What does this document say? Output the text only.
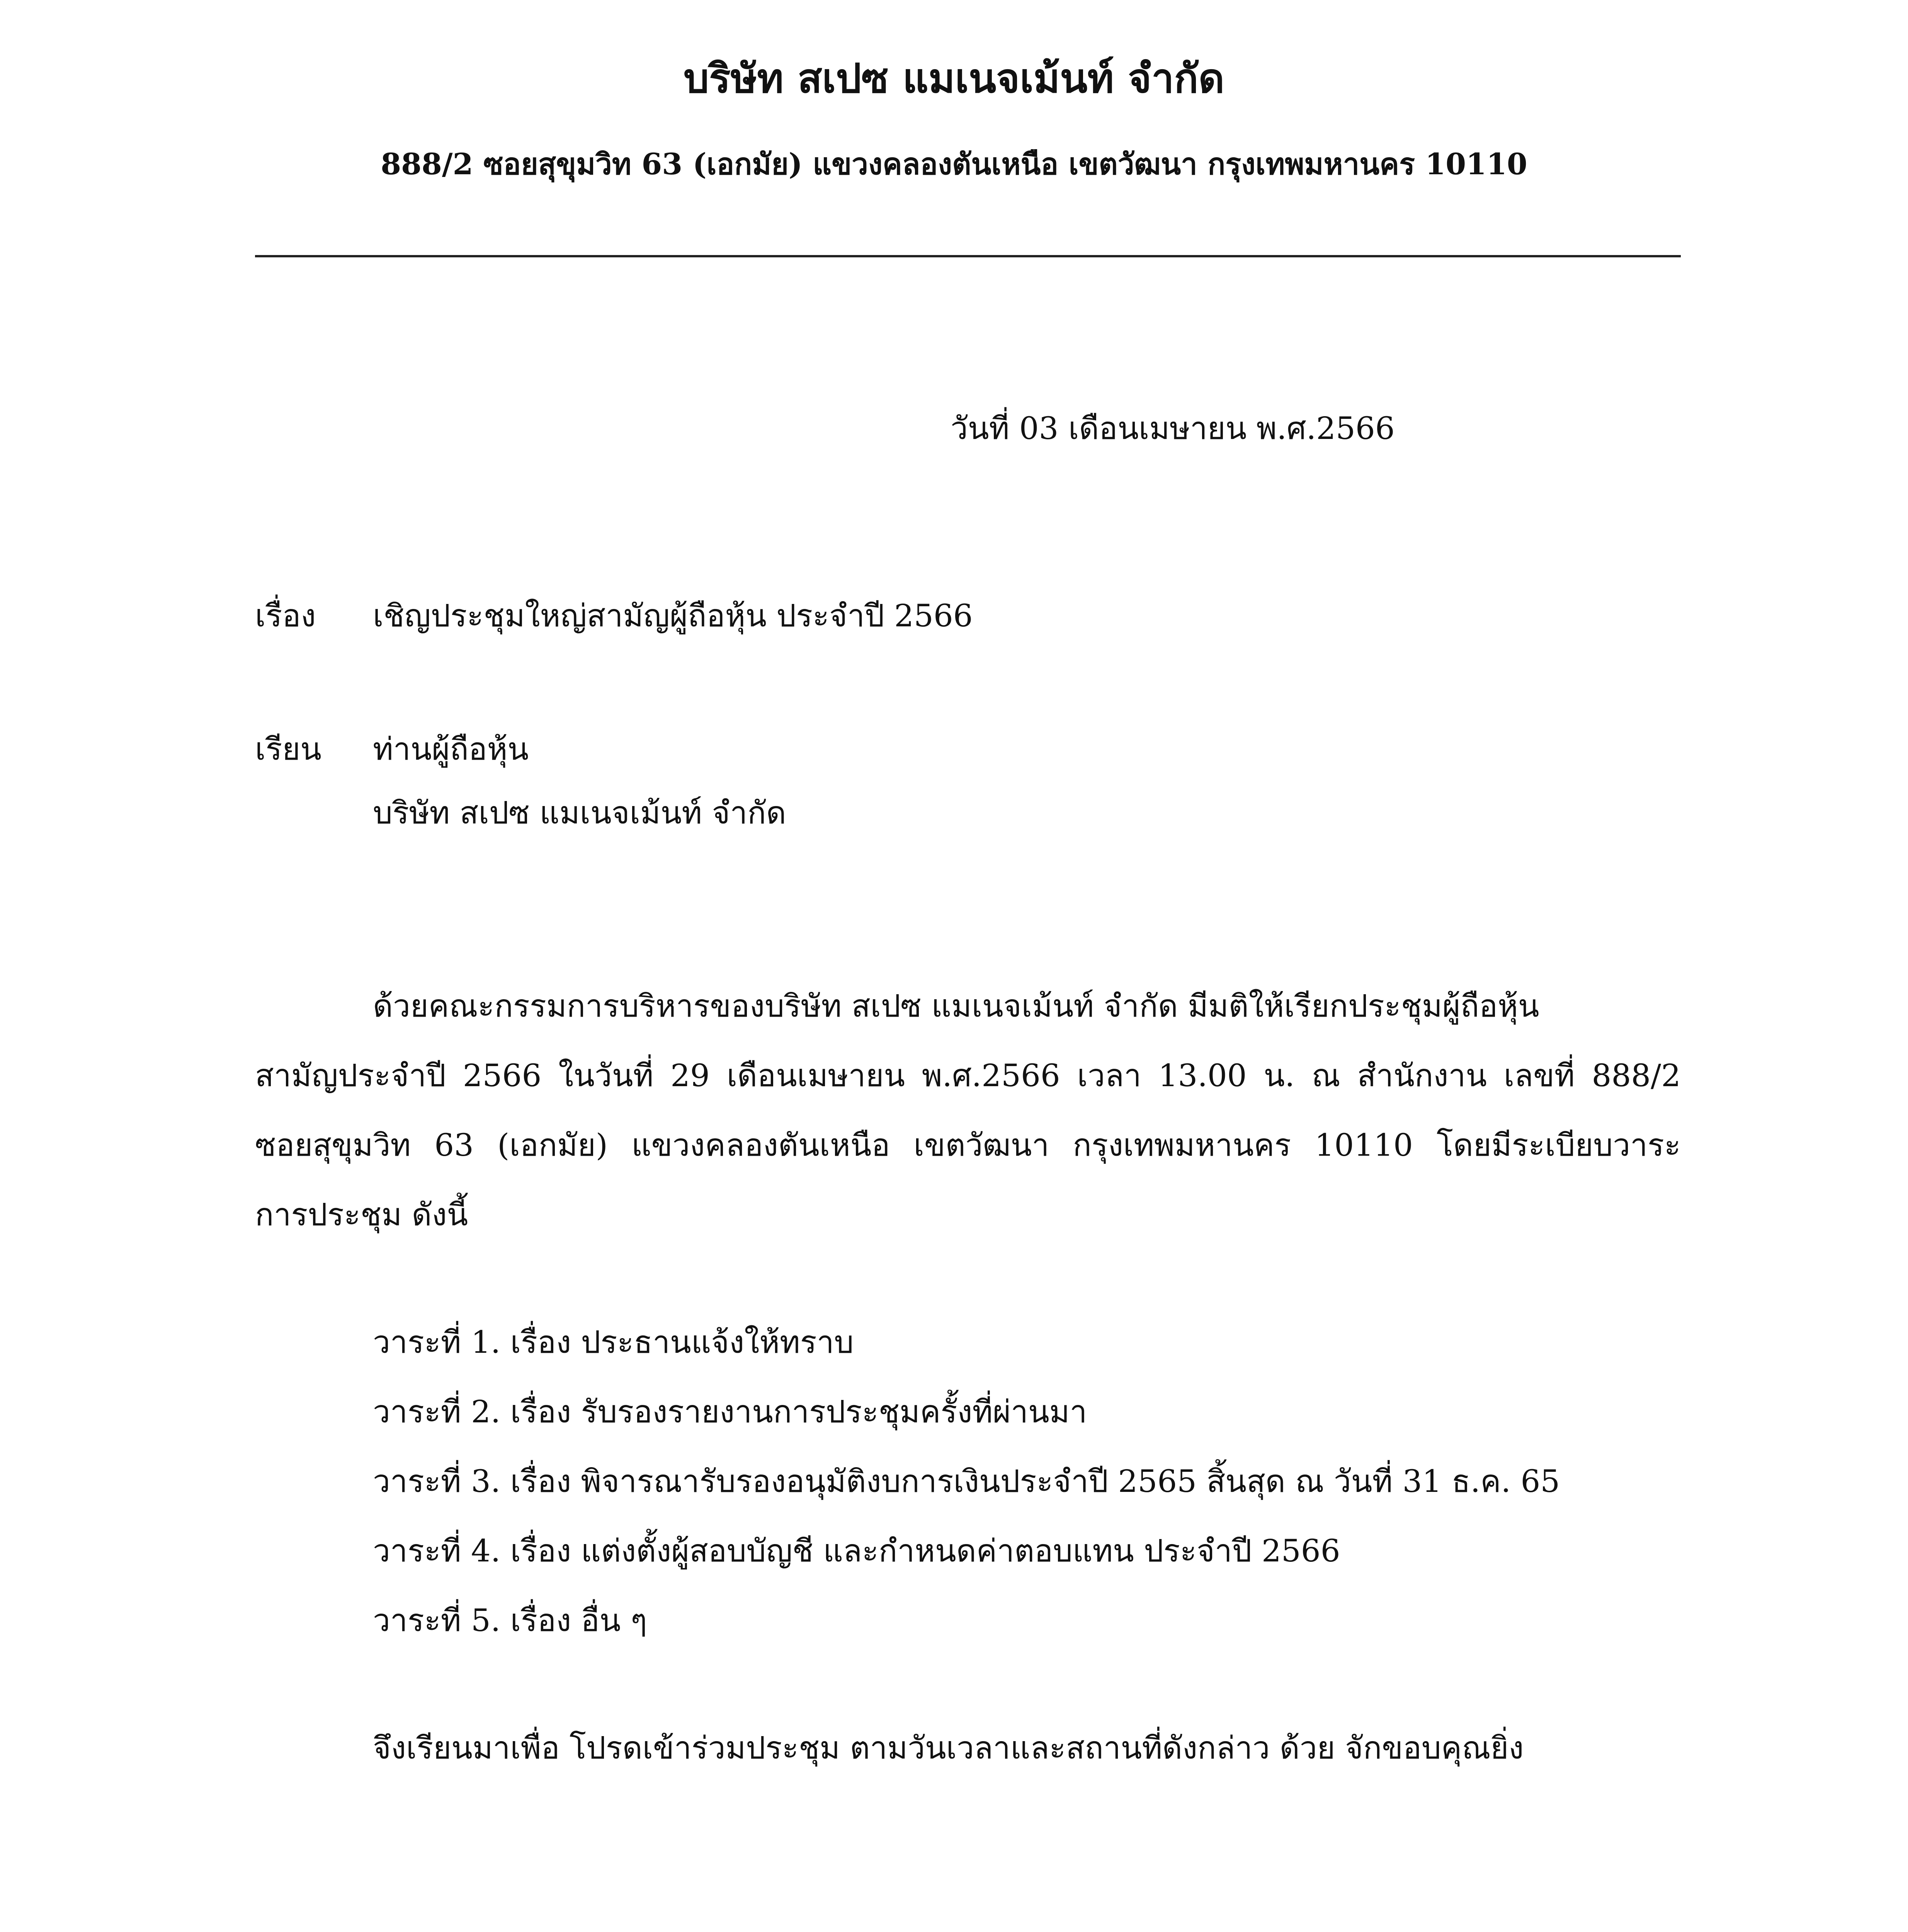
บริษัท สเปซ แมเนจเม้นท์ จำกัด
888/2 ซอยสุขุมวิท 63 (เอกมัย) แขวงคลองตันเหนือ เขตวัฒนา กรุงเทพมหานคร 10110
วันที่ 03 เดือนเมษายน พ.ศ.2566
เรื่อง เชิญประชุมใหญ่สามัญผู้ถือหุ้น ประจำปี 2566
เรียน ท่านผู้ถือหุ้น
บริษัท สเปซ แมเนจเม้นท์ จำกัด
ด้วยคณะกรรมการบริหารของบริษัท สเปซ แมเนจเม้นท์ จำกัด มีมติให้เรียกประชุมผู้ถือหุ้น
สามัญประจำปี 2566 ในวันที่ 29 เดือนเมษายน พ.ศ.2566 เวลา 13.00 น. ณ สำนักงาน เลขที่ 888/2
ซอยสุขุมวิท 63 (เอกมัย) แขวงคลองตันเหนือ เขตวัฒนา กรุงเทพมหานคร 10110 โดยมีระเบียบวาระ
การประชุม ดังนี้
วาระที่ 1. เรื่อง ประธานแจ้งให้ทราบ
วาระที่ 2. เรื่อง รับรองรายงานการประชุมครั้งที่ผ่านมา
วาระที่ 3. เรื่อง พิจารณารับรองอนุมัติงบการเงินประจำปี 2565 สิ้นสุด ณ วันที่ 31 ธ.ค. 65
วาระที่ 4. เรื่อง แต่งตั้งผู้สอบบัญชี และกำหนดค่าตอบแทน ประจำปี 2566
วาระที่ 5. เรื่อง อื่น ๆ
จึงเรียนมาเพื่อ โปรดเข้าร่วมประชุม ตามวันเวลาและสถานที่ดังกล่าว ด้วย จักขอบคุณยิ่ง
